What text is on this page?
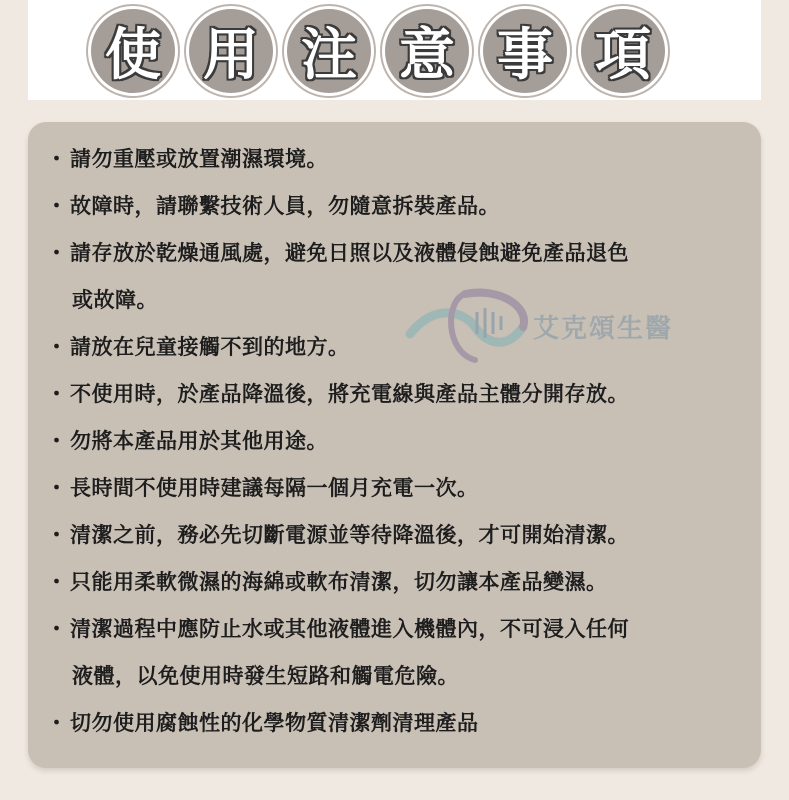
使 用 注 意 事 項
艾克頌生醫
・ 請勿重壓或放置潮濕環境。
・ 故障時，請聯繫技術人員，勿隨意拆裝產品。
・ 請存放於乾燥通風處，避免日照以及液體侵蝕避免產品退色
或故障。
・ 請放在兒童接觸不到的地方。
・ 不使用時，於產品降溫後，將充電線與產品主體分開存放。
・ 勿將本產品用於其他用途。
・ 長時間不使用時建議每隔一個月充電一次。
・ 清潔之前，務必先切斷電源並等待降溫後，才可開始清潔。
・ 只能用柔軟微濕的海綿或軟布清潔，切勿讓本產品變濕。
・ 清潔過程中應防止水或其他液體進入機體內，不可浸入任何
液體，以免使用時發生短路和觸電危險。
・ 切勿使用腐蝕性的化學物質清潔劑清理產品
